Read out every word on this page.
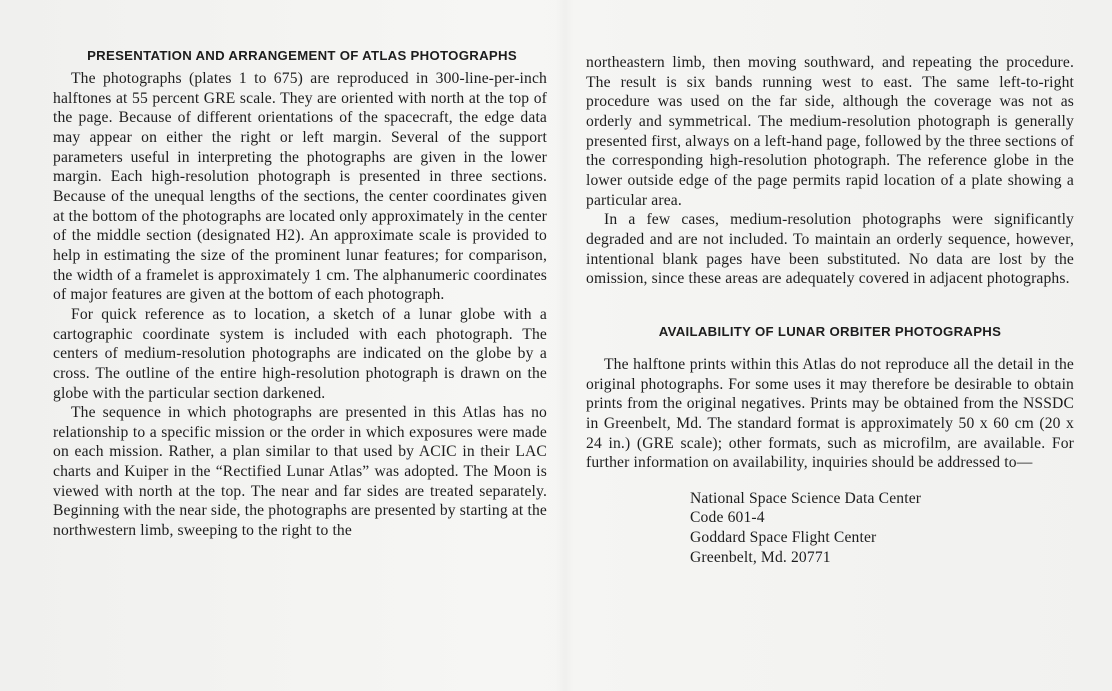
PRESENTATION AND ARRANGEMENT OF ATLAS PHOTOGRAPHS

The photographs (plates 1 to 675) are reproduced in 300-line-per-inch halftones at 55 percent GRE scale. They are oriented with north at the top of the page. Because of different orientations of the spacecraft, the edge data may appear on either the right or left margin. Several of the support parameters useful in interpreting the photographs are given in the lower margin. Each high-resolution photograph is presented in three sections. Because of the unequal lengths of the sections, the center coordinates given at the bottom of the photographs are located only approximately in the center of the middle section (designated H2). An approximate scale is provided to help in estimating the size of the prominent lunar features; for comparison, the width of a framelet is approximately 1 cm. The alphanumeric coordinates of major features are given at the bottom of each photograph.

For quick reference as to location, a sketch of a lunar globe with a cartographic coordinate system is included with each photograph. The centers of medium-resolution photographs are indicated on the globe by a cross. The outline of the entire high-resolution photograph is drawn on the globe with the particular section darkened.

The sequence in which photographs are presented in this Atlas has no relationship to a specific mission or the order in which exposures were made on each mission. Rather, a plan similar to that used by ACIC in their LAC charts and Kuiper in the “Rectified Lunar Atlas” was adopted. The Moon is viewed with north at the top. The near and far sides are treated separately. Beginning with the near side, the photographs are presented by starting at the northwestern limb, sweeping to the right to the

northeastern limb, then moving southward, and repeating the procedure. The result is six bands running west to east. The same left-to-right procedure was used on the far side, although the coverage was not as orderly and symmetrical. The medium-resolution photograph is generally presented first, always on a left-hand page, followed by the three sections of the corresponding high-resolution photograph. The reference globe in the lower outside edge of the page permits rapid location of a plate showing a particular area.

In a few cases, medium-resolution photographs were significantly degraded and are not included. To maintain an orderly sequence, however, intentional blank pages have been substituted. No data are lost by the omission, since these areas are adequately covered in adjacent photographs.

AVAILABILITY OF LUNAR ORBITER PHOTOGRAPHS

The halftone prints within this Atlas do not reproduce all the detail in the original photographs. For some uses it may therefore be desirable to obtain prints from the original negatives. Prints may be obtained from the NSSDC in Greenbelt, Md. The standard format is approximately 50 x 60 cm (20 x 24 in.) (GRE scale); other formats, such as microfilm, are available. For further information on availability, inquiries should be addressed to—

National Space Science Data Center
Code 601-4
Goddard Space Flight Center
Greenbelt, Md. 20771
